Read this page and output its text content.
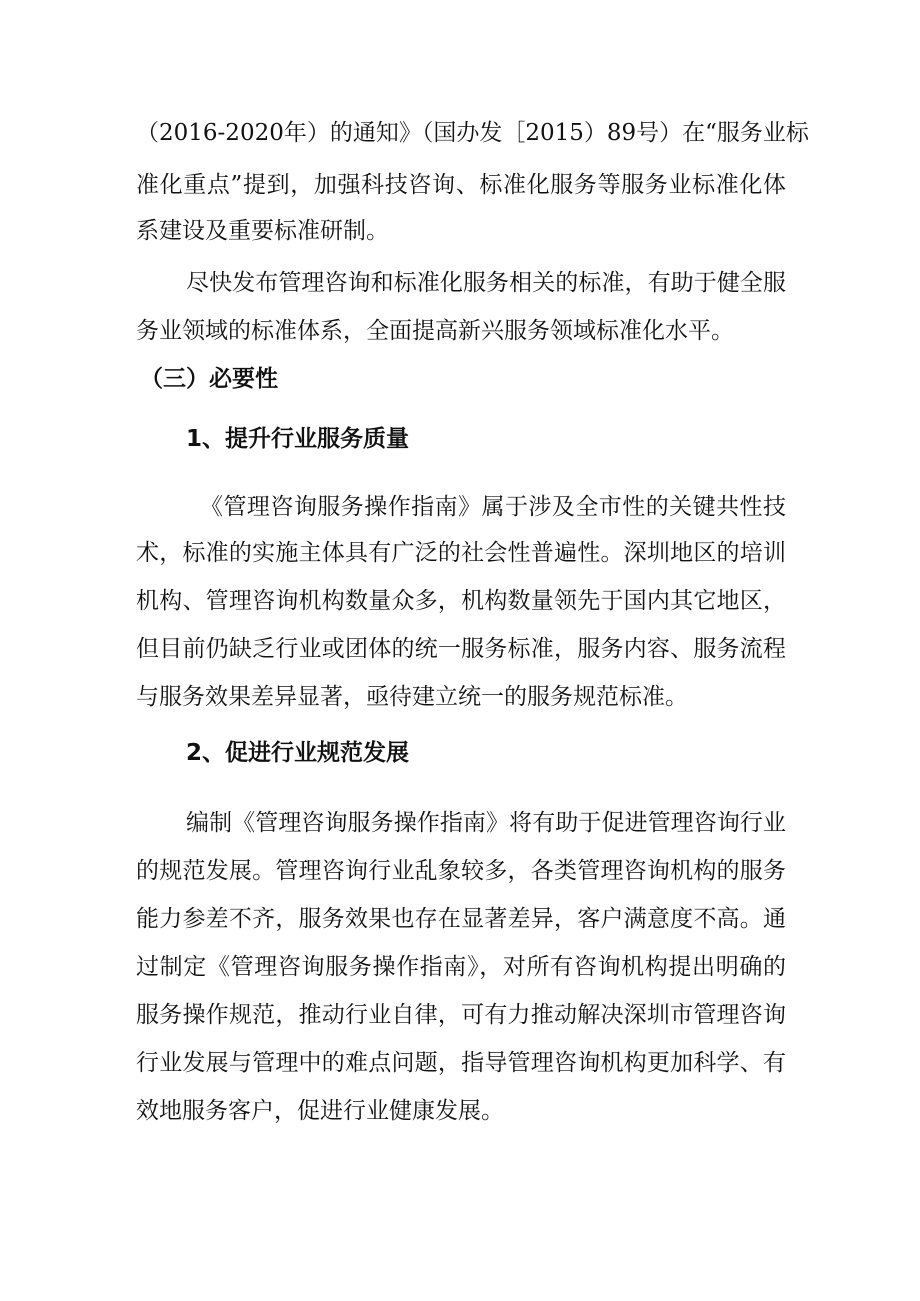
（2016-2020年）的通知》（国办发［2015）89号）在“服务业标
准化重点”提到，加强科技咨询、标准化服务等服务业标准化体
系建设及重要标准研制。
尽快发布管理咨询和标准化服务相关的标准，有助于健全服
务业领域的标准体系，全面提高新兴服务领域标准化水平。
（三）必要性
1、提升行业服务质量
《管理咨询服务操作指南》属于涉及全市性的关键共性技
术，标准的实施主体具有广泛的社会性普遍性。深圳地区的培训
机构、管理咨询机构数量众多，机构数量领先于国内其它地区，
但目前仍缺乏行业或团体的统一服务标准，服务内容、服务流程
与服务效果差异显著，亟待建立统一的服务规范标准。
2、促进行业规范发展
编制《管理咨询服务操作指南》将有助于促进管理咨询行业
的规范发展。管理咨询行业乱象较多，各类管理咨询机构的服务
能力参差不齐，服务效果也存在显著差异，客户满意度不高。通
过制定《管理咨询服务操作指南》，对所有咨询机构提出明确的
服务操作规范，推动行业自律，可有力推动解决深圳市管理咨询
行业发展与管理中的难点问题，指导管理咨询机构更加科学、有
效地服务客户，促进行业健康发展。
